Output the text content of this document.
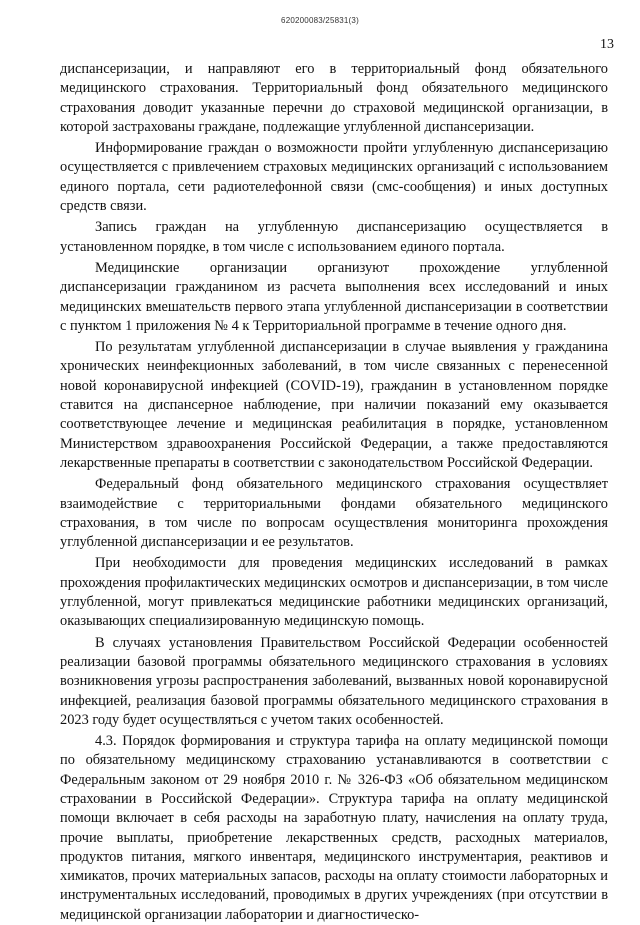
620200083/25831(3)
13

диспансеризации, и направляют его в территориальный фонд обязательного медицинского страхования. Территориальный фонд обязательного медицинского страхования доводит указанные перечни до страховой медицинской организации, в которой застрахованы граждане, подлежащие углубленной диспансеризации.

Информирование граждан о возможности пройти углубленную диспансеризацию осуществляется с привлечением страховых медицинских организаций с использованием единого портала, сети радиотелефонной связи (смс-сообщения) и иных доступных средств связи.

Запись граждан на углубленную диспансеризацию осуществляется в установленном порядке, в том числе с использованием единого портала.

Медицинские организации организуют прохождение углубленной диспансеризации гражданином из расчета выполнения всех исследований и иных медицинских вмешательств первого этапа углубленной диспансеризации в соответствии с пунктом 1 приложения № 4 к Территориальной программе в течение одного дня.

По результатам углубленной диспансеризации в случае выявления у гражданина хронических неинфекционных заболеваний, в том числе связанных с перенесенной новой коронавирусной инфекцией (COVID-19), гражданин в установленном порядке ставится на диспансерное наблюдение, при наличии показаний ему оказывается соответствующее лечение и медицинская реабилитация в порядке, установленном Министерством здравоохранения Российской Федерации, а также предоставляются лекарственные препараты в соответствии с законодательством Российской Федерации.

Федеральный фонд обязательного медицинского страхования осуществляет взаимодействие с территориальными фондами обязательного медицинского страхования, в том числе по вопросам осуществления мониторинга прохождения углубленной диспансеризации и ее результатов.

При необходимости для проведения медицинских исследований в рамках прохождения профилактических медицинских осмотров и диспансеризации, в том числе углубленной, могут привлекаться медицинские работники медицинских организаций, оказывающих специализированную медицинскую помощь.

В случаях установления Правительством Российской Федерации особенностей реализации базовой программы обязательного медицинского страхования в условиях возникновения угрозы распространения заболеваний, вызванных новой коронавирусной инфекцией, реализация базовой программы обязательного медицинского страхования в 2023 году будет осуществляться с учетом таких особенностей.

4.3. Порядок формирования и структура тарифа на оплату медицинской помощи по обязательному медицинскому страхованию устанавливаются в соответствии с Федеральным законом от 29 ноября 2010 г. № 326-ФЗ «Об обязательном медицинском страховании в Российской Федерации». Структура тарифа на оплату медицинской помощи включает в себя расходы на заработную плату, начисления на оплату труда, прочие выплаты, приобретение лекарственных средств, расходных материалов, продуктов питания, мягкого инвентаря, медицинского инструментария, реактивов и химикатов, прочих материальных запасов, расходы на оплату стоимости лабораторных и инструментальных исследований, проводимых в других учреждениях (при отсутствии в медицинской организации лаборатории и диагностическо-
